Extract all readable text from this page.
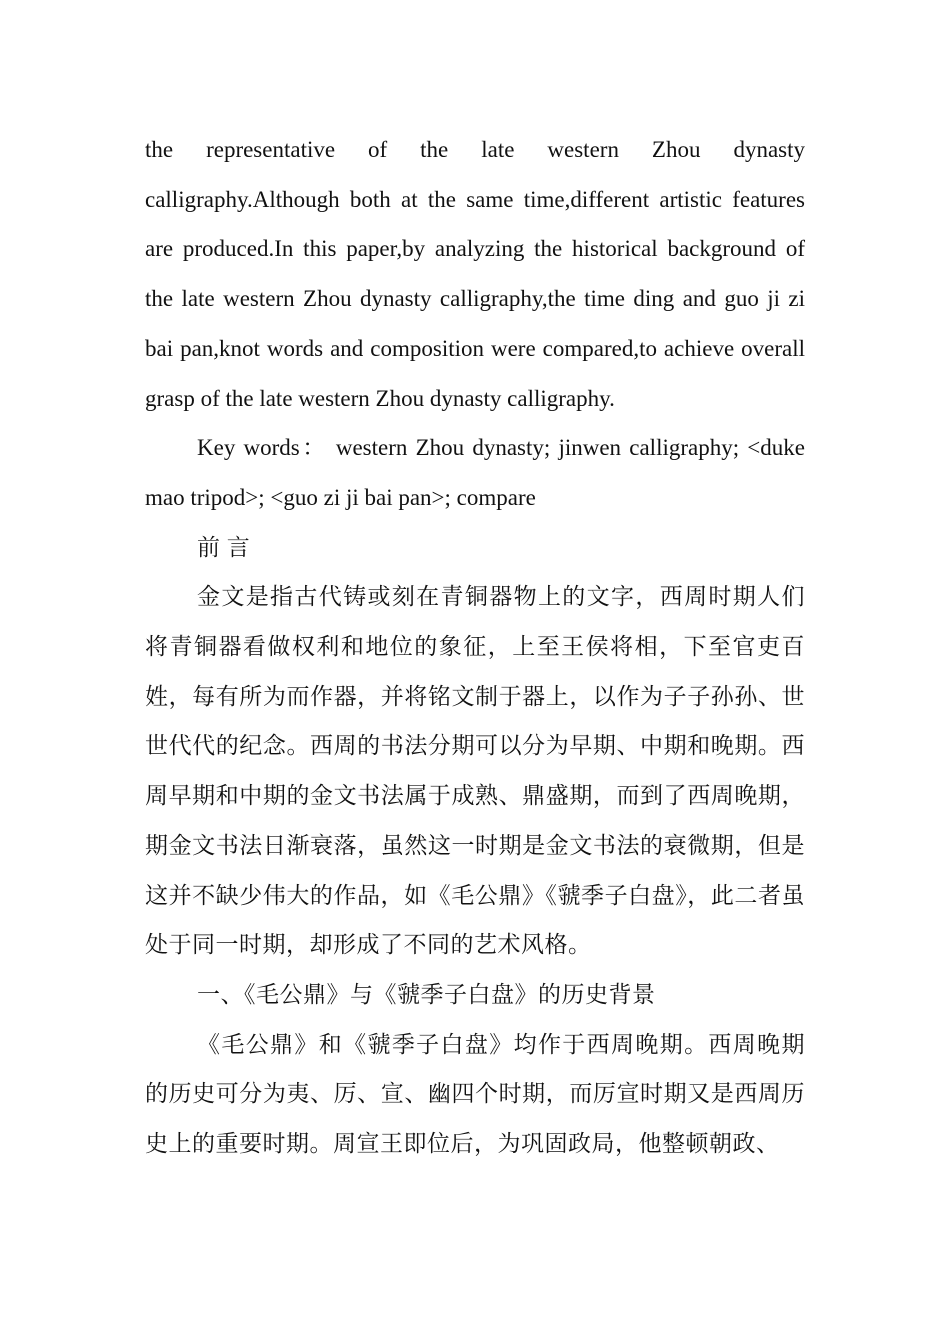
the representative of the late western Zhou dynasty calligraphy.Although both at the same time,different artistic features are produced.In this paper,by analyzing the historical background of the late western Zhou dynasty calligraphy,the time ding and guo ji zi bai pan,knot words and composition were compared,to achieve overall grasp of the late western Zhou dynasty calligraphy.

Key words： western Zhou dynasty; jinwen calligraphy; <duke mao tripod>; <guo zi ji bai pan>; compare

前 言

金文是指古代铸或刻在青铜器物上的文字，西周时期人们将青铜器看做权利和地位的象征，上至王侯将相，下至官吏百姓，每有所为而作器，并将铭文制于器上，以作为子子孙孙、世世代代的纪念。西周的书法分期可以分为早期、中期和晚期。西周早期和中期的金文书法属于成熟、鼎盛期，而到了西周晚期，期金文书法日渐衰落，虽然这一时期是金文书法的衰微期，但是这并不缺少伟大的作品，如《毛公鼎》《虢季子白盘》，此二者虽处于同一时期，却形成了不同的艺术风格。

一、《毛公鼎》与《虢季子白盘》的历史背景

《毛公鼎》和《虢季子白盘》均作于西周晚期。西周晚期的历史可分为夷、厉、宣、幽四个时期，而厉宣时期又是西周历史上的重要时期。周宣王即位后，为巩固政局，他整顿朝政、
